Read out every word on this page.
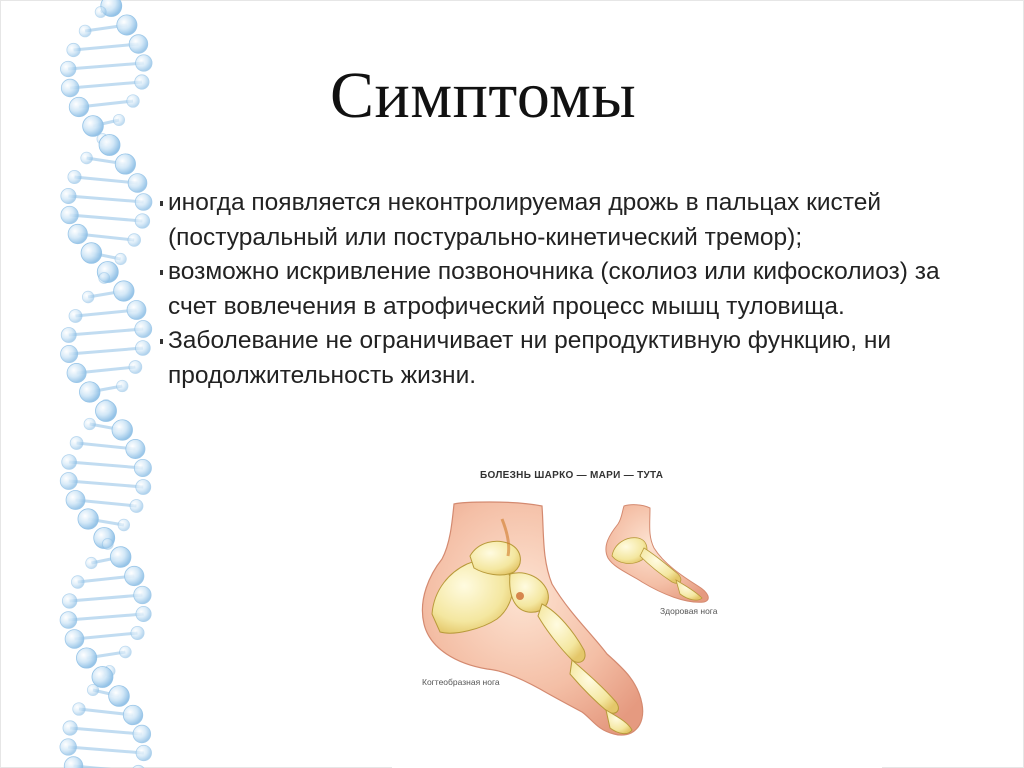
Симптомы
иногда появляется неконтролируемая дрожь в пальцах кистей (постуральный или постурально-кинетический тремор);
возможно искривление позвоночника (сколиоз или кифосколиоз) за счет вовлечения в атрофический процесс мышц туловища.
Заболевание не ограничивает ни репродуктивную функцию, ни продолжительность жизни.
БОЛЕЗНЬ ШАРКО — МАРИ — ТУТА
Здоровая нога
Когтеобразная нога
